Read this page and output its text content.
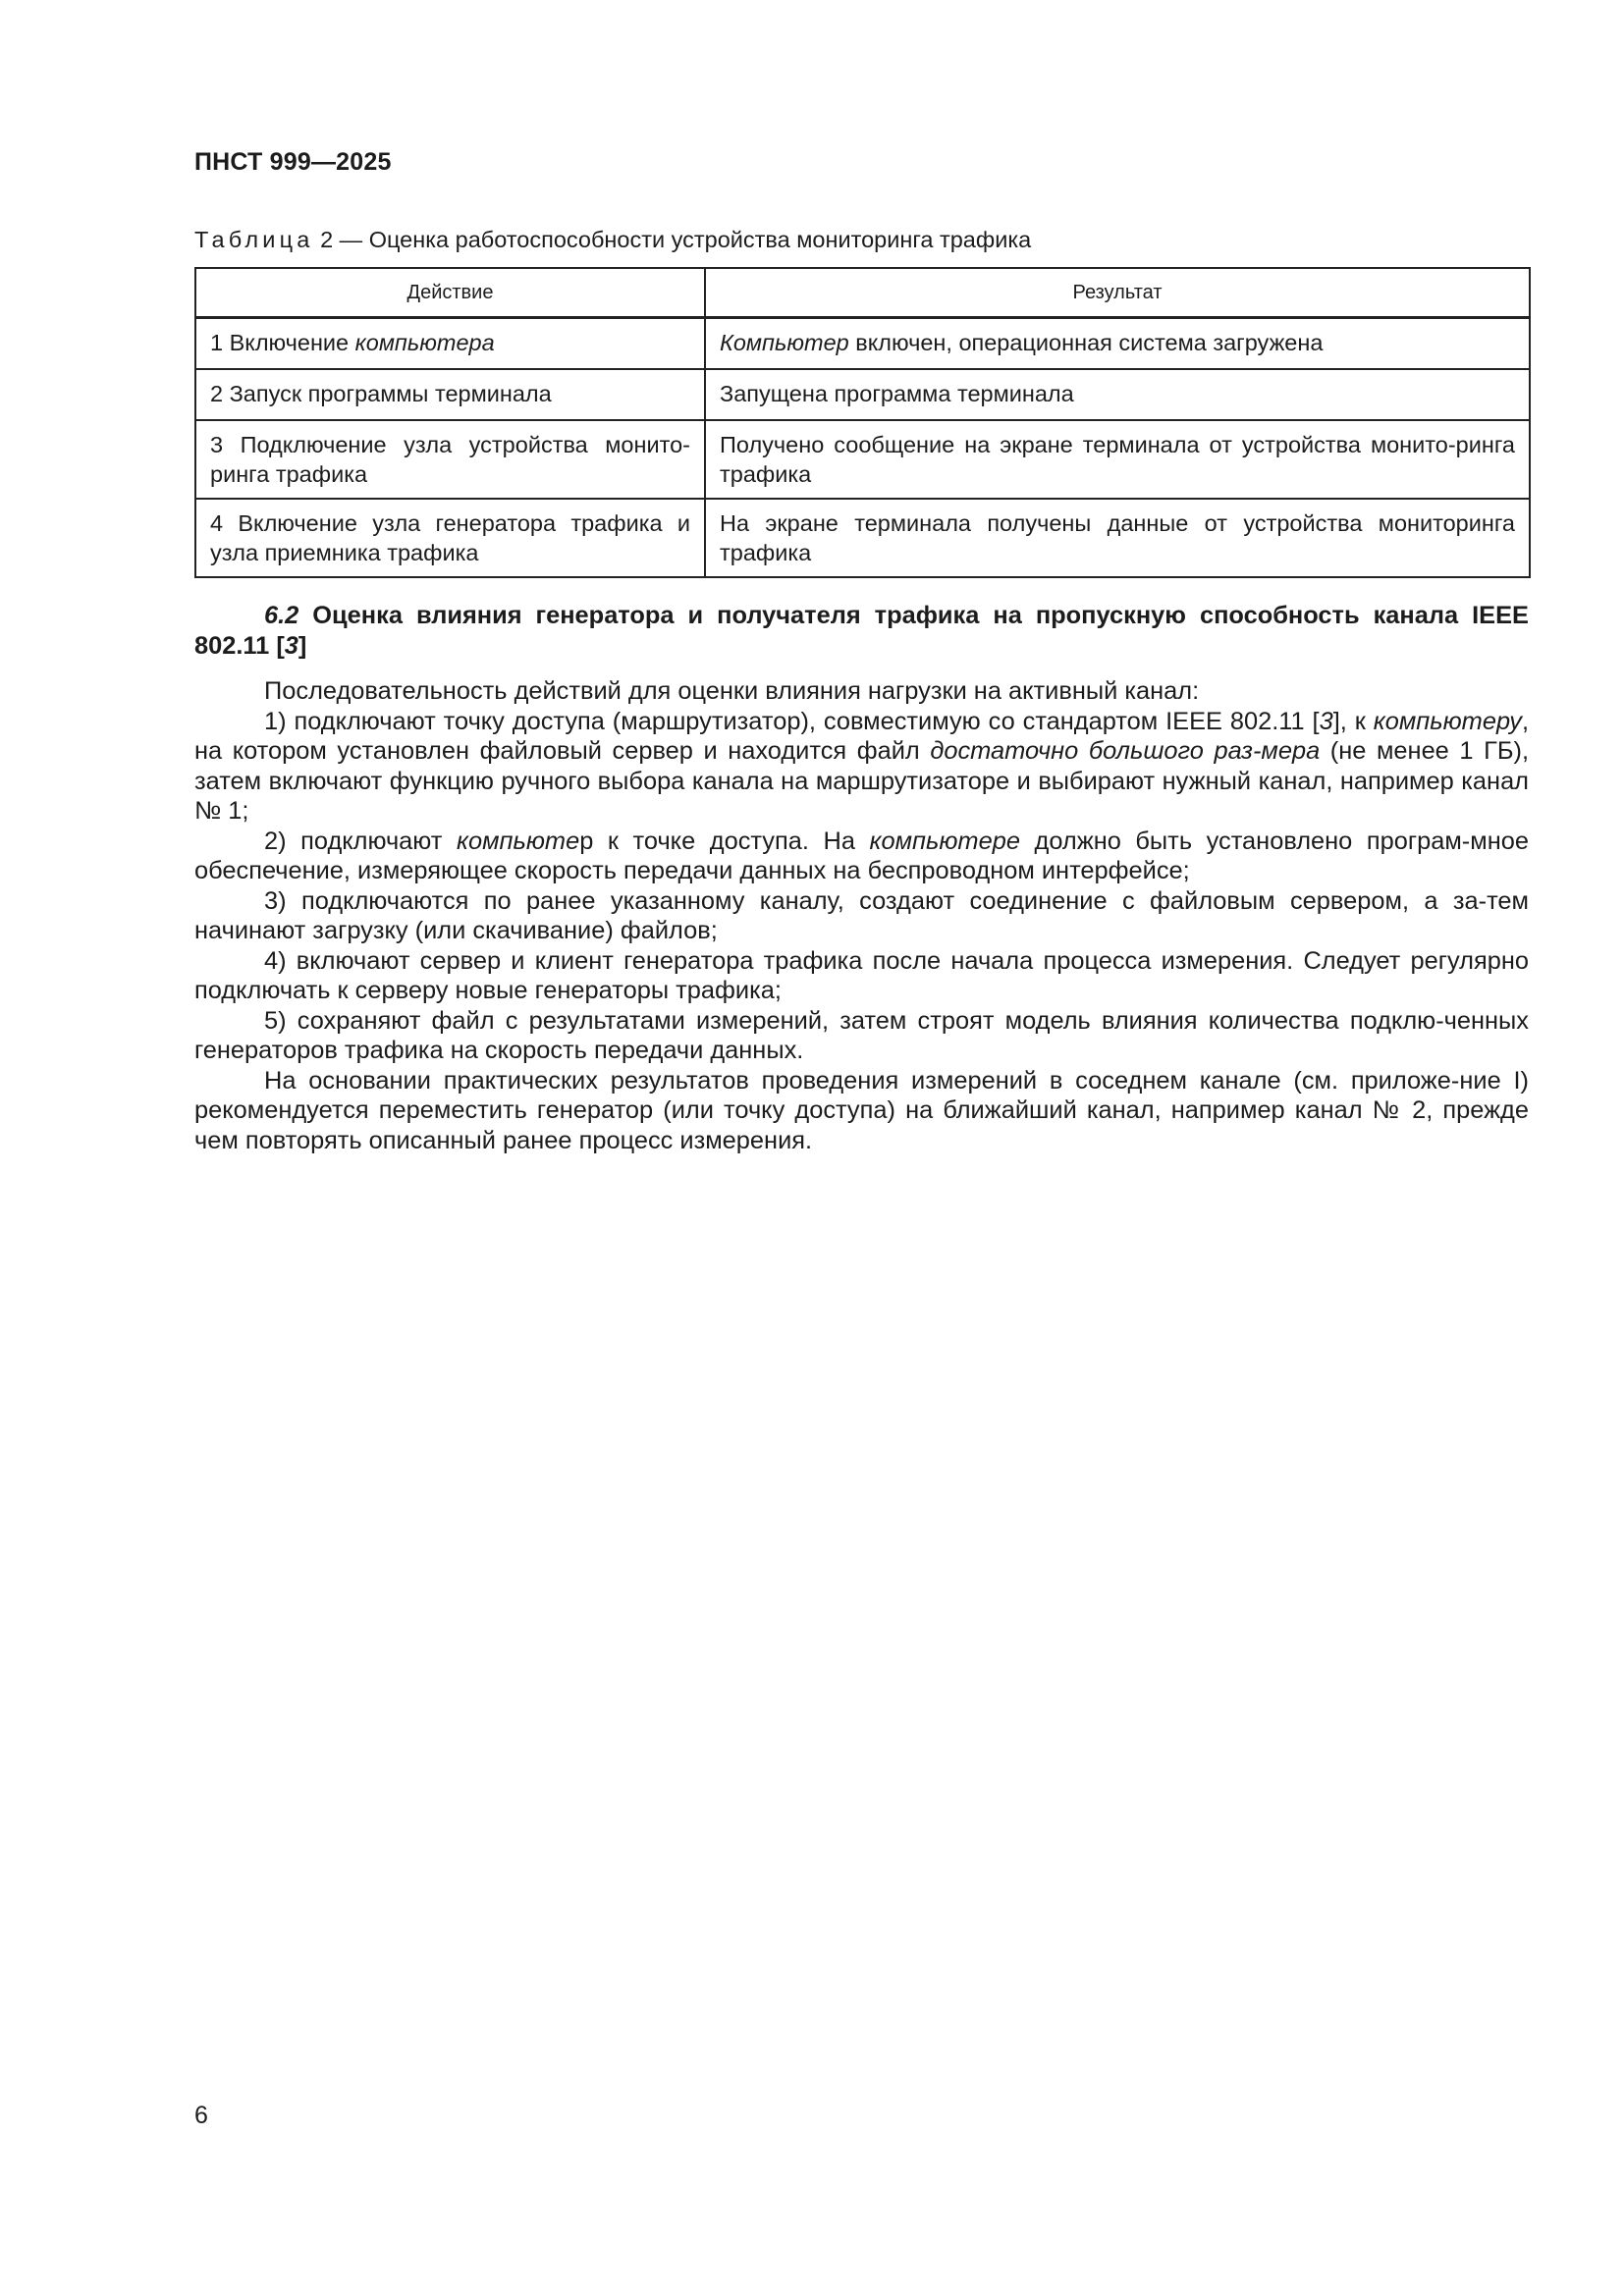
ПНСТ 999—2025
Таблица 2 — Оценка работоспособности устройства мониторинга трафика
Действие	Результат
1 Включение компьютера	Компьютер включен, операционная система загружена
2 Запуск программы терминала	Запущена программа терминала
3 Подключение узла устройства монито-ринга трафика	Получено сообщение на экране терминала от устройства монито-ринга трафика
4 Включение узла генератора трафика и узла приемника трафика	На экране терминала получены данные от устройства мониторинга трафика

6.2 Оценка влияния генератора и получателя трафика на пропускную способность канала IEEE 802.11 [3]

Последовательность действий для оценки влияния нагрузки на активный канал:

1) подключают точку доступа (маршрутизатор), совместимую со стандартом IEEE 802.11 [3], к компьютеру, на котором установлен файловый сервер и находится файл достаточно большого раз-мера (не менее 1 ГБ), затем включают функцию ручного выбора канала на маршрутизаторе и выбирают нужный канал, например канал № 1;

2) подключают компьютер к точке доступа. На компьютере должно быть установлено програм-мное обеспечение, измеряющее скорость передачи данных на беспроводном интерфейсе;

3) подключаются по ранее указанному каналу, создают соединение с файловым сервером, а за-тем начинают загрузку (или скачивание) файлов;

4) включают сервер и клиент генератора трафика после начала процесса измерения. Следует регулярно подключать к серверу новые генераторы трафика;

5) сохраняют файл с результатами измерений, затем строят модель влияния количества подклю-ченных генераторов трафика на скорость передачи данных.

На основании практических результатов проведения измерений в соседнем канале (см. приложе-ние I) рекомендуется переместить генератор (или точку доступа) на ближайший канал, например канал № 2, прежде чем повторять описанный ранее процесс измерения.

6
